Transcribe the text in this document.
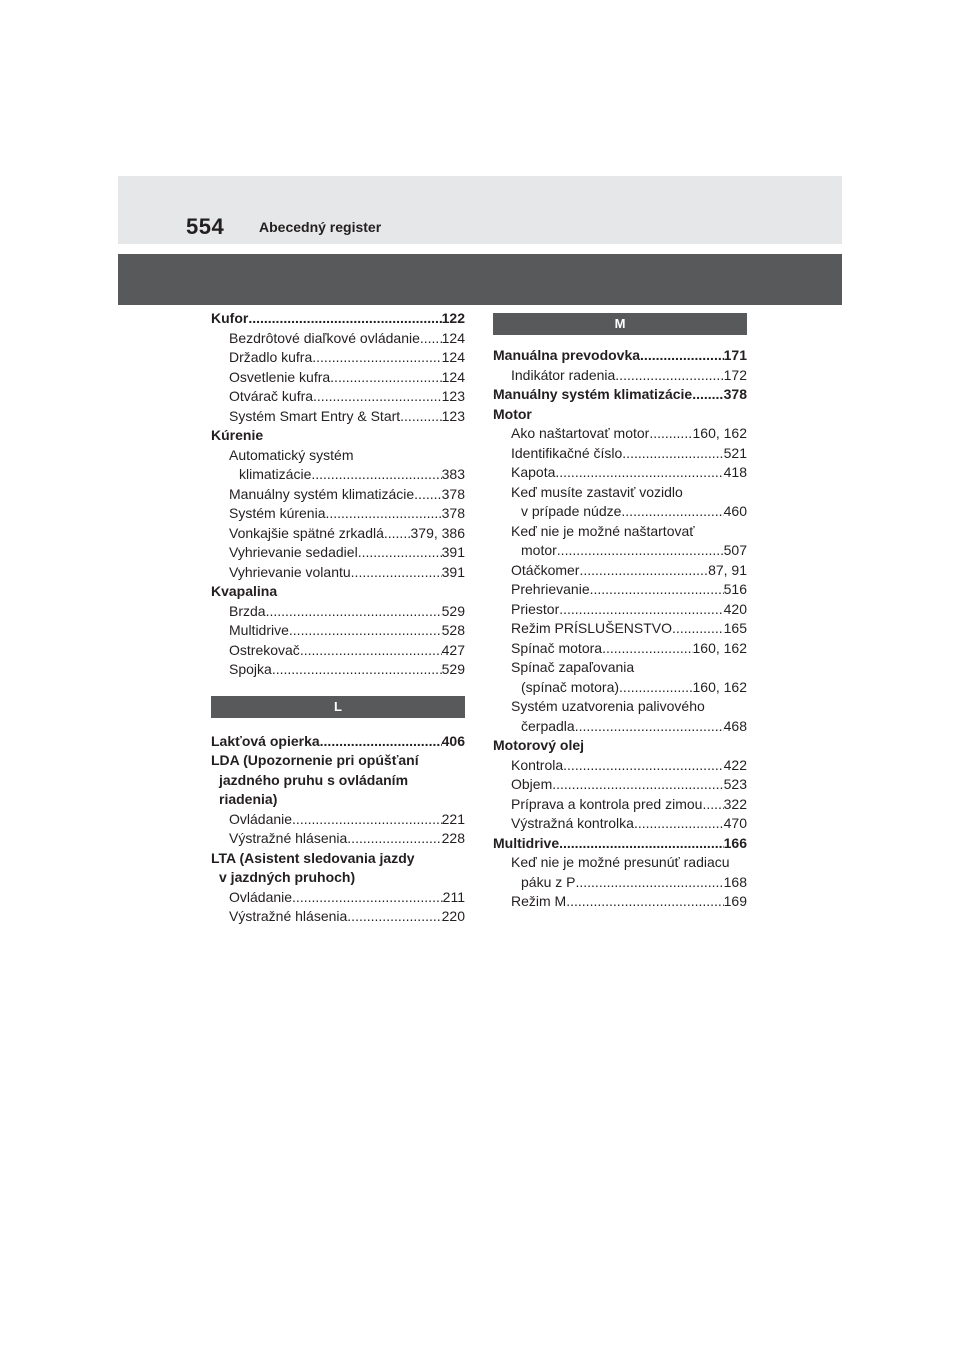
554 Abecedný register
Kufor .....	122
Bezdrôtové diaľkové ovládanie ..... 124
Držadlo kufra .....	124
Osvetlenie kufra .....	124
Otvárač kufra .....	123
Systém Smart Entry & Start .....	123
Kúrenie
Automatický systém
klimatizácie .....	383
Manuálny systém klimatizácie ..... 378
Systém kúrenia .....	378
Vonkajšie spätné zrkadlá ..... 379, 386
Vyhrievanie sedadiel .....	391
Vyhrievanie volantu .....	391
Kvapalina
Brzda .....	529
Multidrive .....	528
Ostrekovač .....	427
Spojka .....	529
L
Lakťová opierka .....	406
LDA (Upozornenie pri opúšťaní
jazdného pruhu s ovládaním
riadenia)
Ovládanie .....	221
Výstražné hlásenia .....	228
LTA (Asistent sledovania jazdy
v jazdných pruhoch)
Ovládanie .....	211
Výstražné hlásenia .....	220
M
Manuálna prevodovka .....	171
Indikátor radenia .....	172
Manuálny systém klimatizácie ..... 378
Motor
Ako naštartovať motor .....	160, 162
Identifikačné číslo .....	521
Kapota .....	418
Keď musíte zastaviť vozidlo
v prípade núdze .....	460
Keď nie je možné naštartovať
motor .....	507
Otáčkomer .....	87, 91
Prehrievanie .....	516
Priestor .....	420
Režim PRÍSLUŠENSTVO .....	165
Spínač motora .....	160, 162
Spínač zapaľovania
(spínač motora) .....	160, 162
Systém uzatvorenia palivového
čerpadla .....	468
Motorový olej
Kontrola .....	422
Objem .....	523
Príprava a kontrola pred zimou ..... 322
Výstražná kontrolka .....	470
Multidrive .....	166
Keď nie je možné presunúť radiacu
páku z P .....	168
Režim M .....	169
